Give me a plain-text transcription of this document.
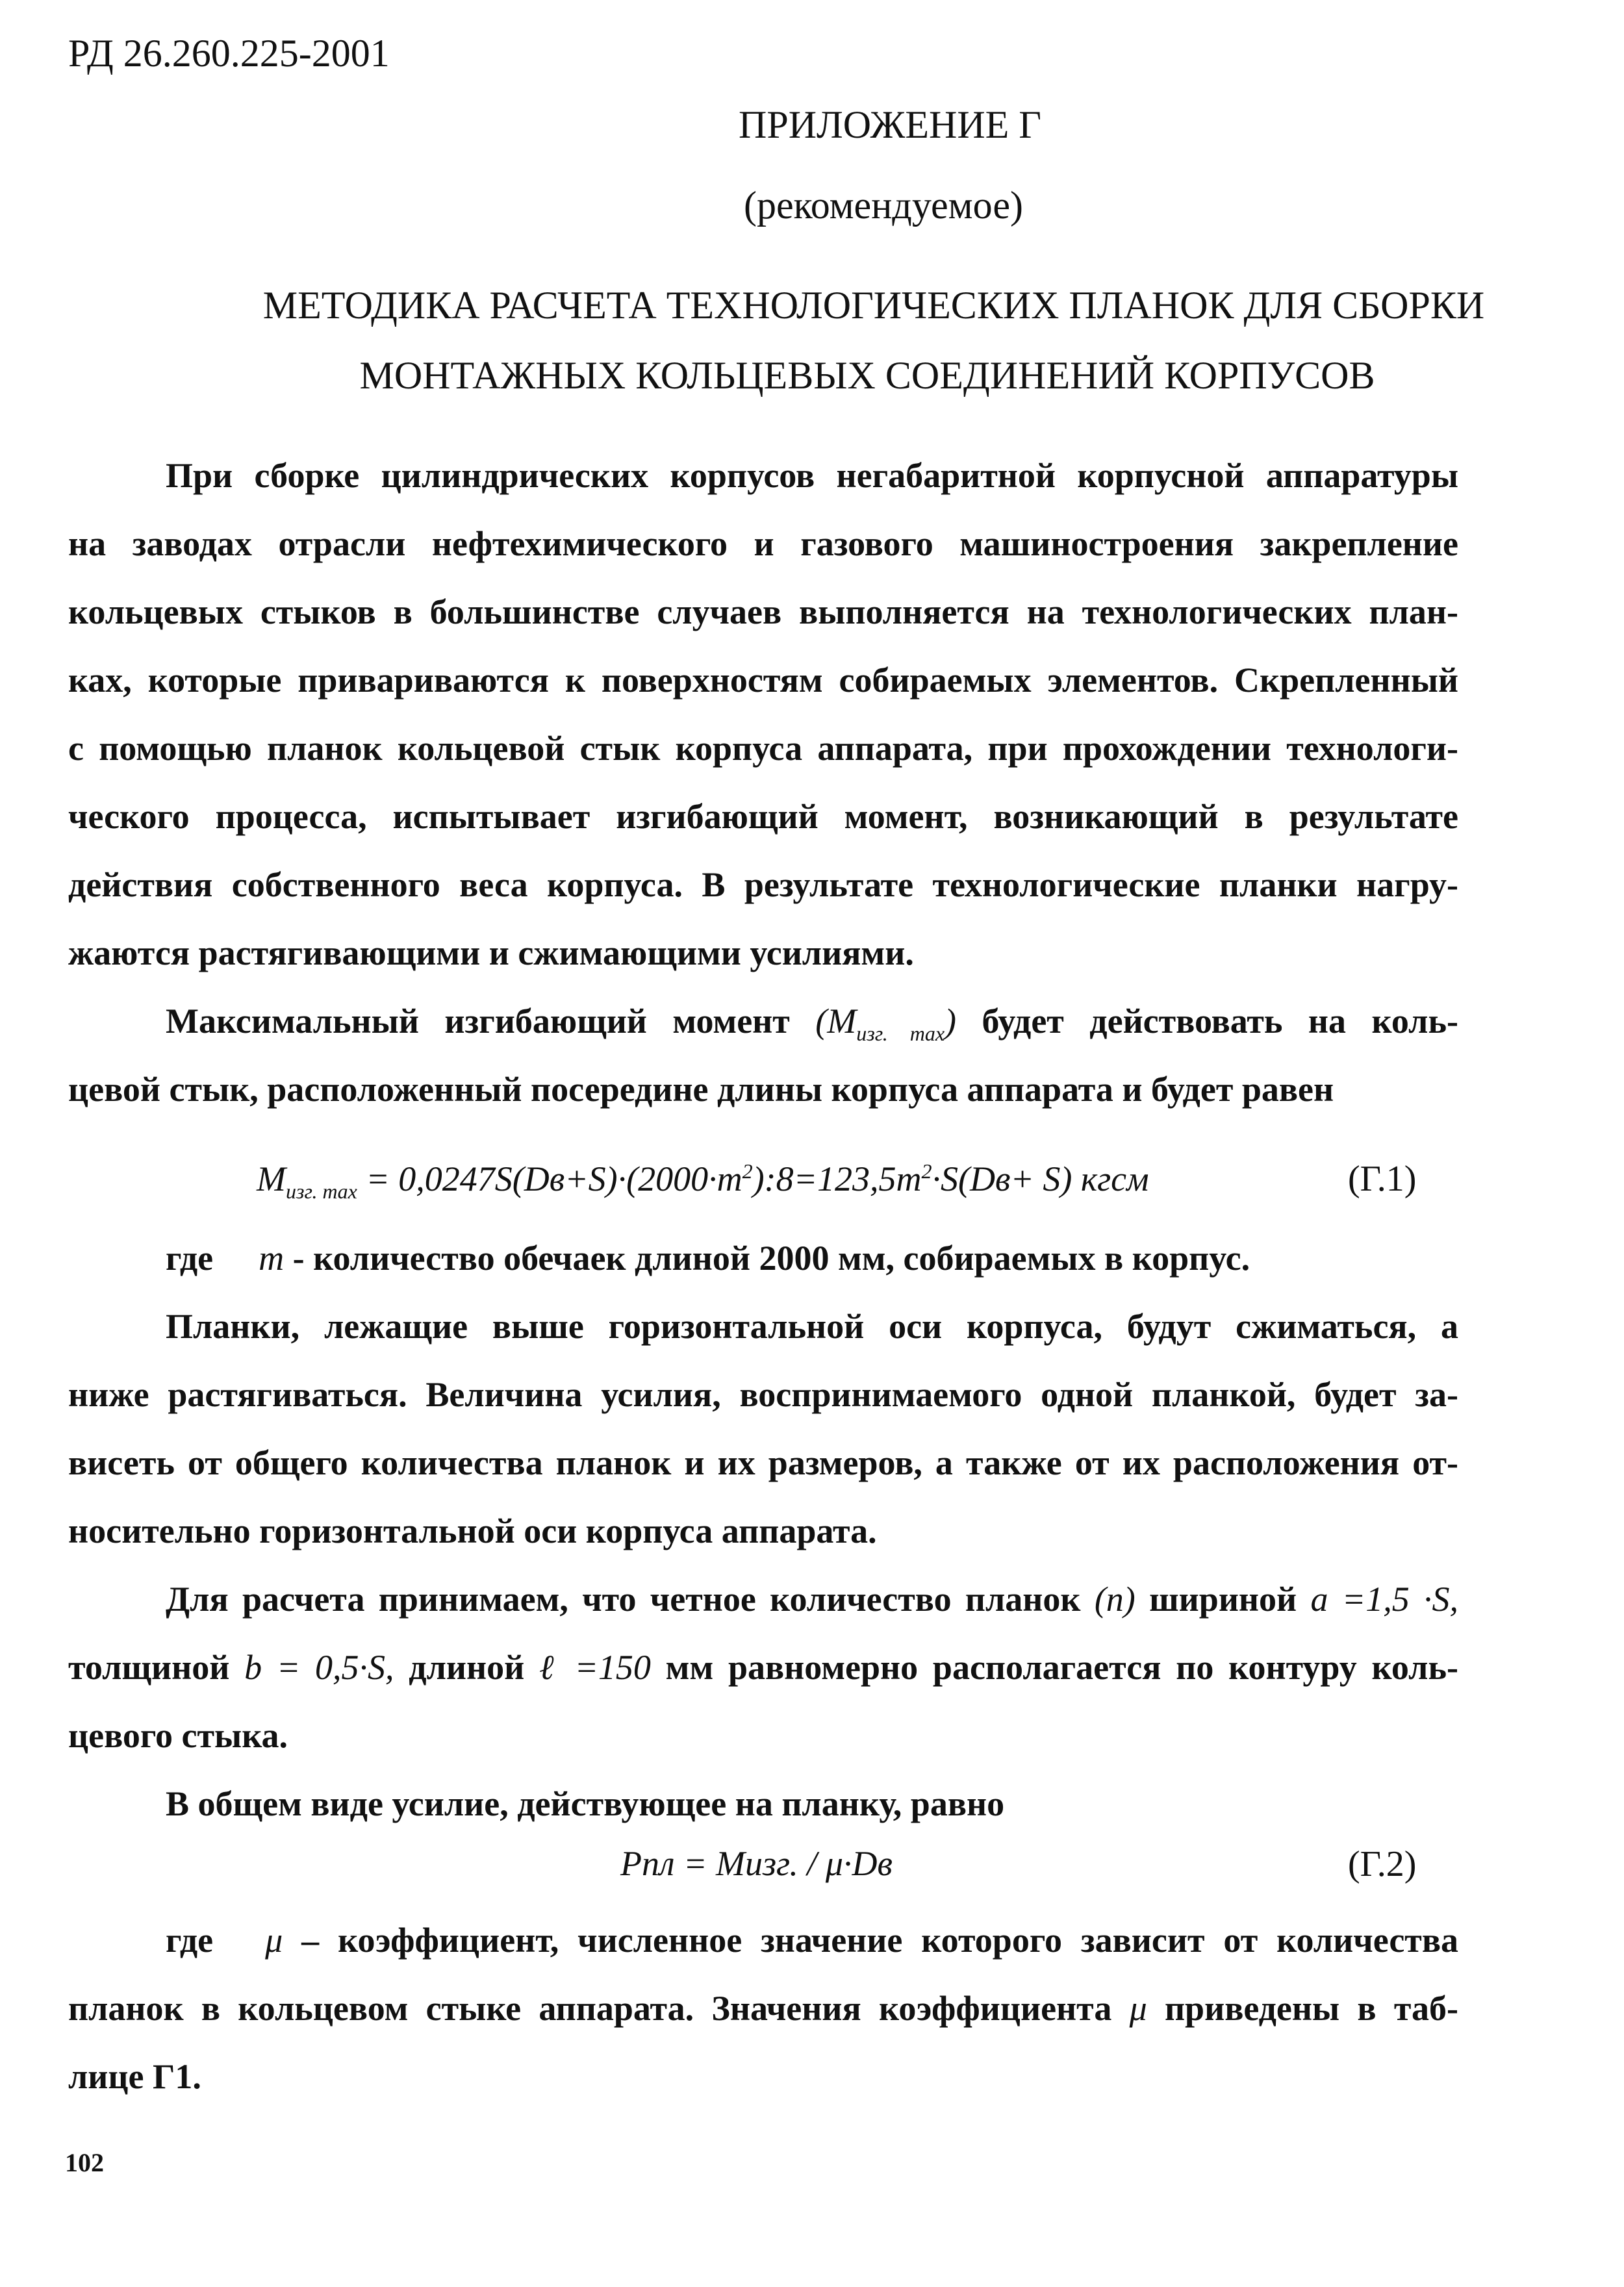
РД 26.260.225-2001
ПРИЛОЖЕНИЕ Г
(рекомендуемое)
МЕТОДИКА РАСЧЕТА ТЕХНОЛОГИЧЕСКИХ ПЛАНОК ДЛЯ СБОРКИ
МОНТАЖНЫХ КОЛЬЦЕВЫХ СОЕДИНЕНИЙ КОРПУСОВ
При сборке цилиндрических корпусов негабаритной корпусной аппаратуры
на заводах отрасли нефтехимического и газового машиностроения закрепление
кольцевых стыков в большинстве случаев выполняется на технологических план-
ках, которые привариваются к поверхностям собираемых элементов. Скрепленный
с помощью планок кольцевой стык корпуса аппарата, при прохождении технологи-
ческого процесса, испытывает изгибающий момент, возникающий в результате
действия собственного веса корпуса. В результате технологические планки нагру-
жаются растягивающими и сжимающими усилиями.
Максимальный изгибающий момент $(M_{изг. max})$ будет действовать на коль-
цевой стык, расположенный посередине длины корпуса аппарата и будет равен
$M_{изг. max}$ = $0,0247S(Dв+S)\cdot(2000\cdot m^2):8=123,5m^2\cdot S(Dв+ S)$ кгсм	(Г.1)
где m - количество обечаек длиной 2000 мм, собираемых в корпус.
Планки, лежащие выше горизонтальной оси корпуса, будут сжиматься, а
ниже растягиваться. Величина усилия, воспринимаемого одной планкой, будет за-
висеть от общего количества планок и их размеров, а также от их расположения от-
носительно горизонтальной оси корпуса аппарата.
Для расчета принимаем, что четное количество планок (n) шириной a =1,5 ·S,
толщиной b = 0,5·S, длиной ℓ =150 мм равномерно располагается по контуру коль-
цевого стыка.
В общем виде усилие, действующее на планку, равно
Рпл = Мизг. / μ·Dв	(Г.2)
где μ – коэффициент, численное значение которого зависит от количества
планок в кольцевом стыке аппарата. Значения коэффициента μ приведены в таб-
лице Г1.
102
